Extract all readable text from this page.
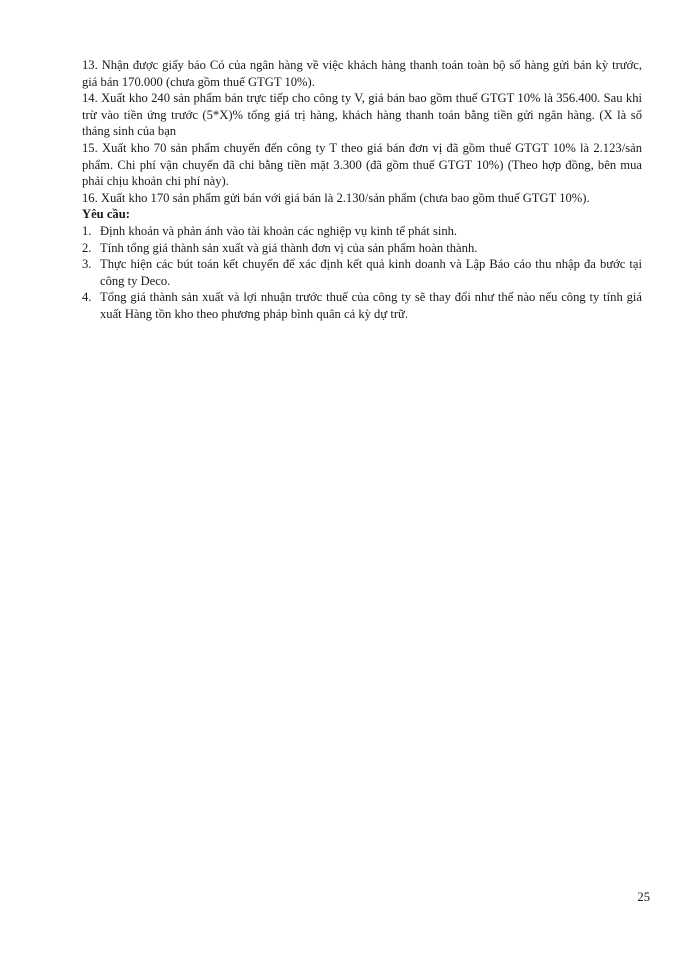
13. Nhận được giấy báo Có của ngân hàng về việc khách hàng thanh toán toàn bộ số hàng gửi bán kỳ trước, giá bán 170.000 (chưa gồm thuế GTGT 10%).

14. Xuất kho 240 sản phẩm bán trực tiếp cho công ty V, giá bán bao gồm thuế GTGT 10% là 356.400. Sau khi trừ vào tiền ứng trước (5*X)% tổng giá trị hàng, khách hàng thanh toán bằng tiền gửi ngân hàng. (X là số tháng sinh của bạn

15. Xuất kho 70 sản phẩm chuyển đến công ty T theo giá bán đơn vị đã gồm thuế GTGT 10% là 2.123/sản phẩm. Chi phí vận chuyển đã chi bằng tiền mặt 3.300 (đã gồm thuế GTGT 10%) (Theo hợp đồng, bên mua phải chịu khoản chi phí này).

16. Xuất kho 170 sản phẩm gửi bán với giá bán là 2.130/sản phẩm (chưa bao gồm thuế GTGT 10%).

Yêu cầu:

1. Định khoản và phản ánh vào tài khoản các nghiệp vụ kinh tế phát sinh.
2. Tính tổng giá thành sản xuất và giá thành đơn vị của sản phẩm hoàn thành.
3. Thực hiện các bút toán kết chuyển để xác định kết quả kinh doanh và Lập Báo cáo thu nhập đa bước tại công ty Deco.
4. Tổng giá thành sản xuất và lợi nhuận trước thuế của công ty sẽ thay đổi như thế nào nếu công ty tính giá xuất Hàng tồn kho theo phương pháp bình quân cả kỳ dự trữ.
25
